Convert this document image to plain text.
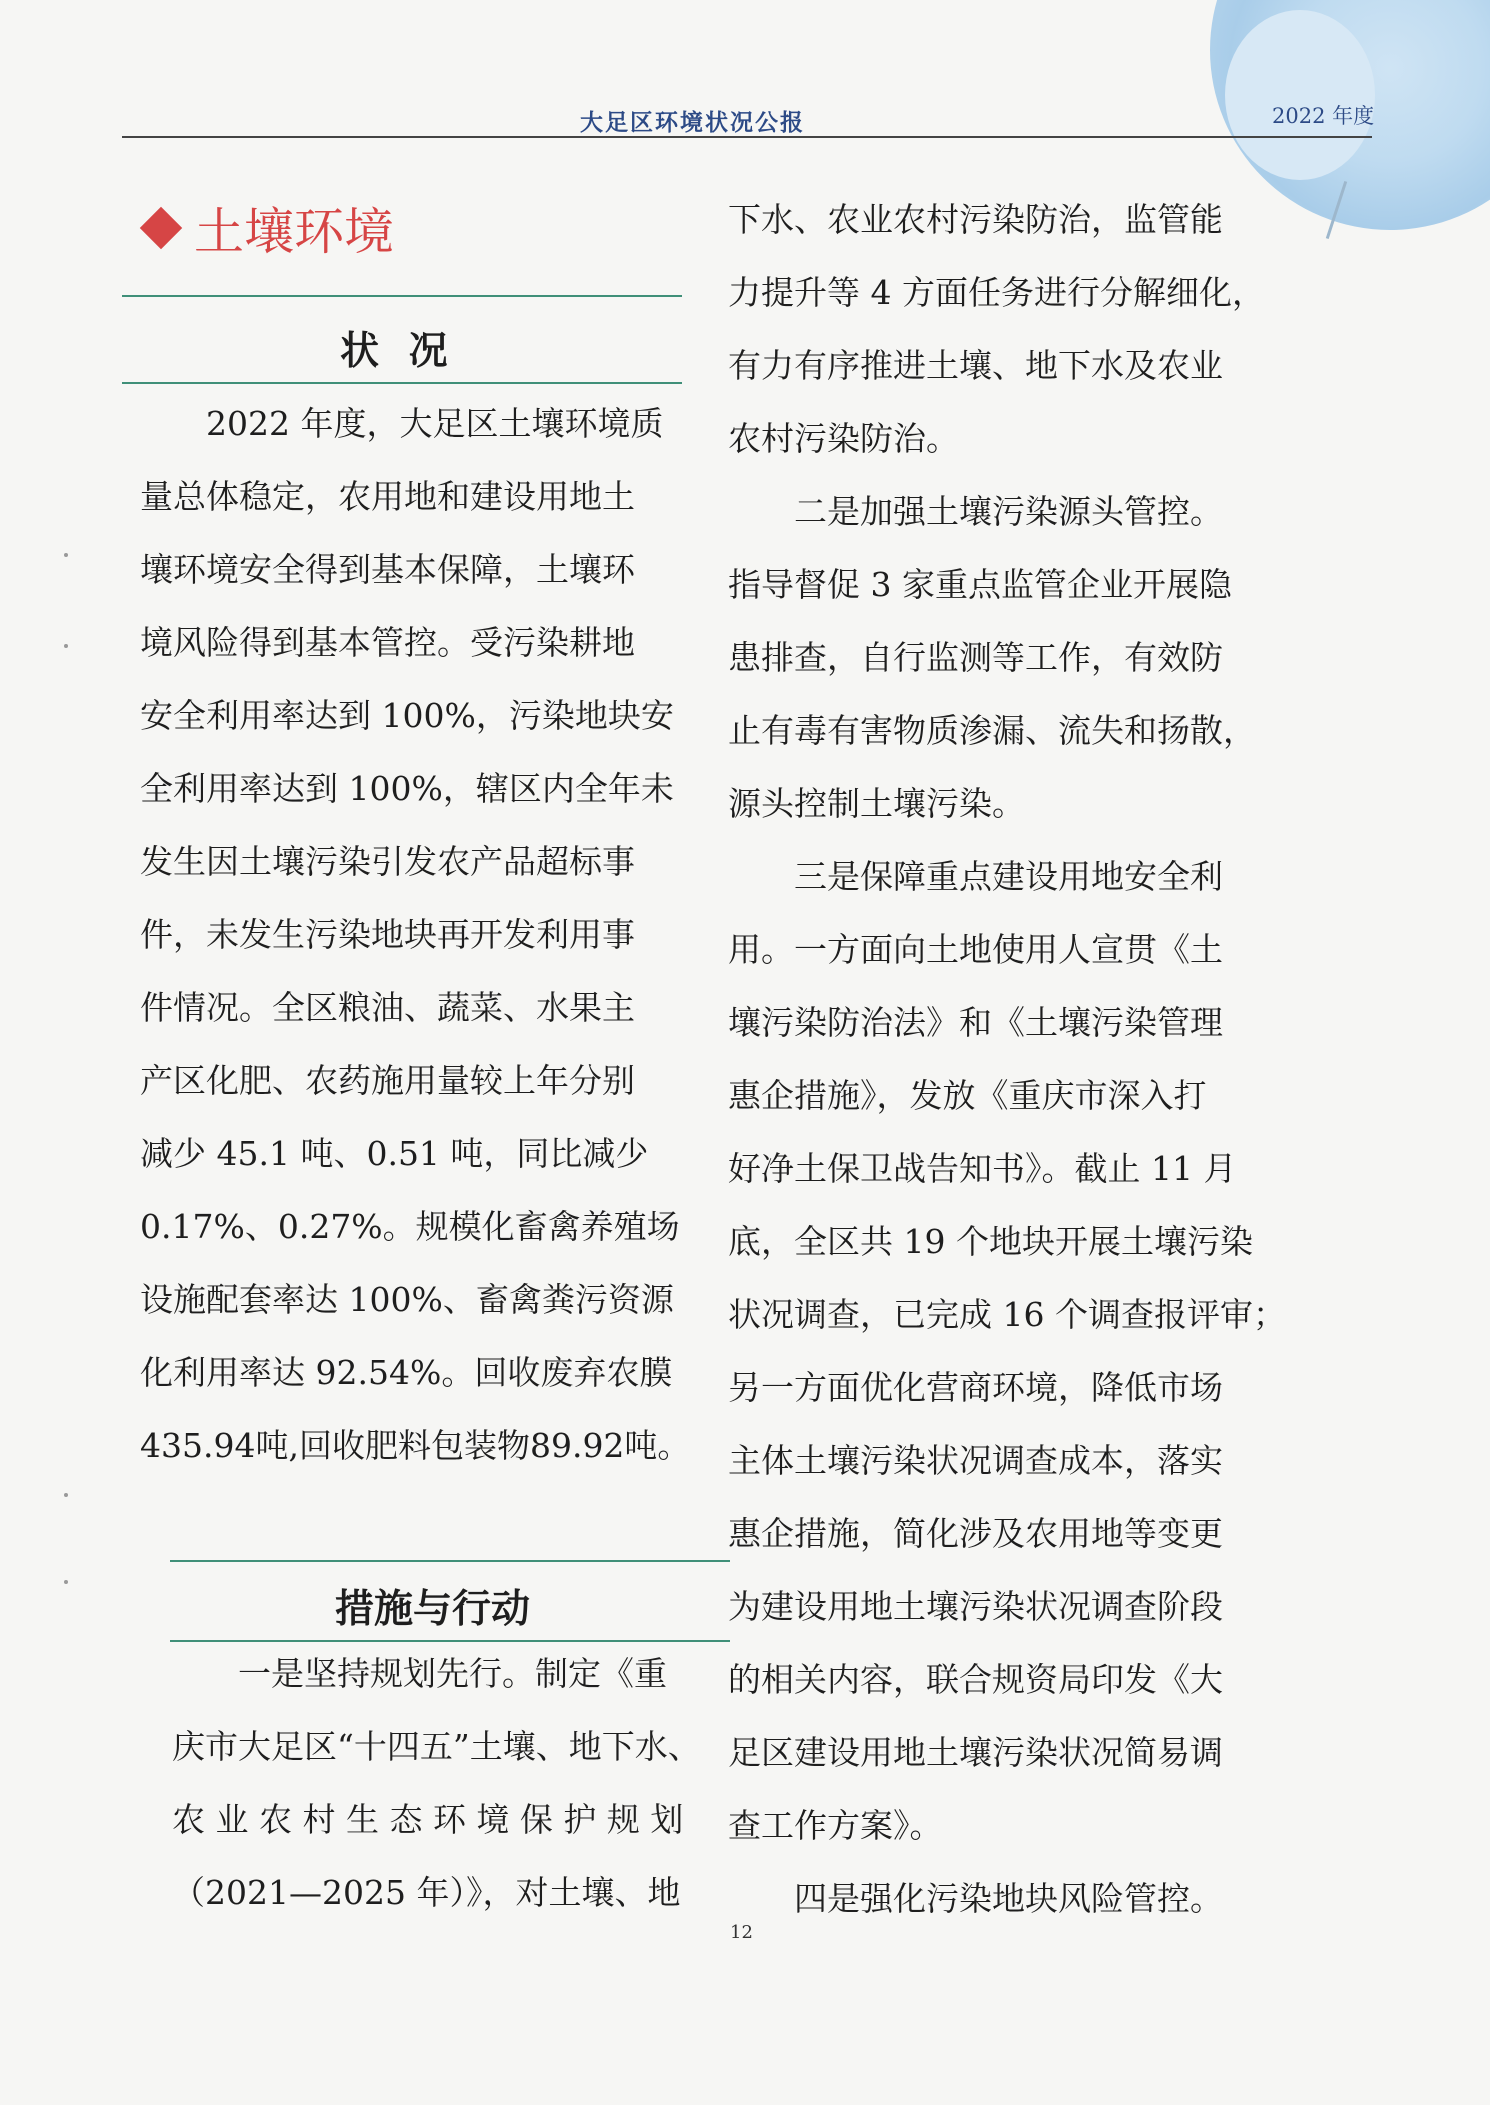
大足区环境状况公报	2022 年度
土壤环境
状 况
2022 年度，大足区土壤环境质
量总体稳定，农用地和建设用地土
壤环境安全得到基本保障，土壤环
境风险得到基本管控。受污染耕地
安全利用率达到 100%，污染地块安
全利用率达到 100%，辖区内全年未
发生因土壤污染引发农产品超标事
件，未发生污染地块再开发利用事
件情况。全区粮油、蔬菜、水果主
产区化肥、农药施用量较上年分别
减少 45.1 吨、0.51 吨，同比减少
0.17%、0.27%。规模化畜禽养殖场
设施配套率达 100%、畜禽粪污资源
化利用率达 92.54%。回收废弃农膜
435.94吨,回收肥料包装物89.92吨。
措施与行动
一是坚持规划先行。制定《重
庆市大足区“十四五”土壤、地下水、
农 业 农 村 生 态 环 境 保 护 规 划
（2021—2025 年）》，对土壤、地
下水、农业农村污染防治，监管能
力提升等 4 方面任务进行分解细化，
有力有序推进土壤、地下水及农业
农村污染防治。
二是加强土壤污染源头管控。
指导督促 3 家重点监管企业开展隐
患排查，自行监测等工作，有效防
止有毒有害物质渗漏、流失和扬散，
源头控制土壤污染。
三是保障重点建设用地安全利
用。一方面向土地使用人宣贯《土
壤污染防治法》和《土壤污染管理
惠企措施》，发放《重庆市深入打
好净土保卫战告知书》。截止 11 月
底，全区共 19 个地块开展土壤污染
状况调查，已完成 16 个调查报评审；
另一方面优化营商环境，降低市场
主体土壤污染状况调查成本，落实
惠企措施，简化涉及农用地等变更
为建设用地土壤污染状况调查阶段
的相关内容，联合规资局印发《大
足区建设用地土壤污染状况简易调
查工作方案》。
四是强化污染地块风险管控。
12
